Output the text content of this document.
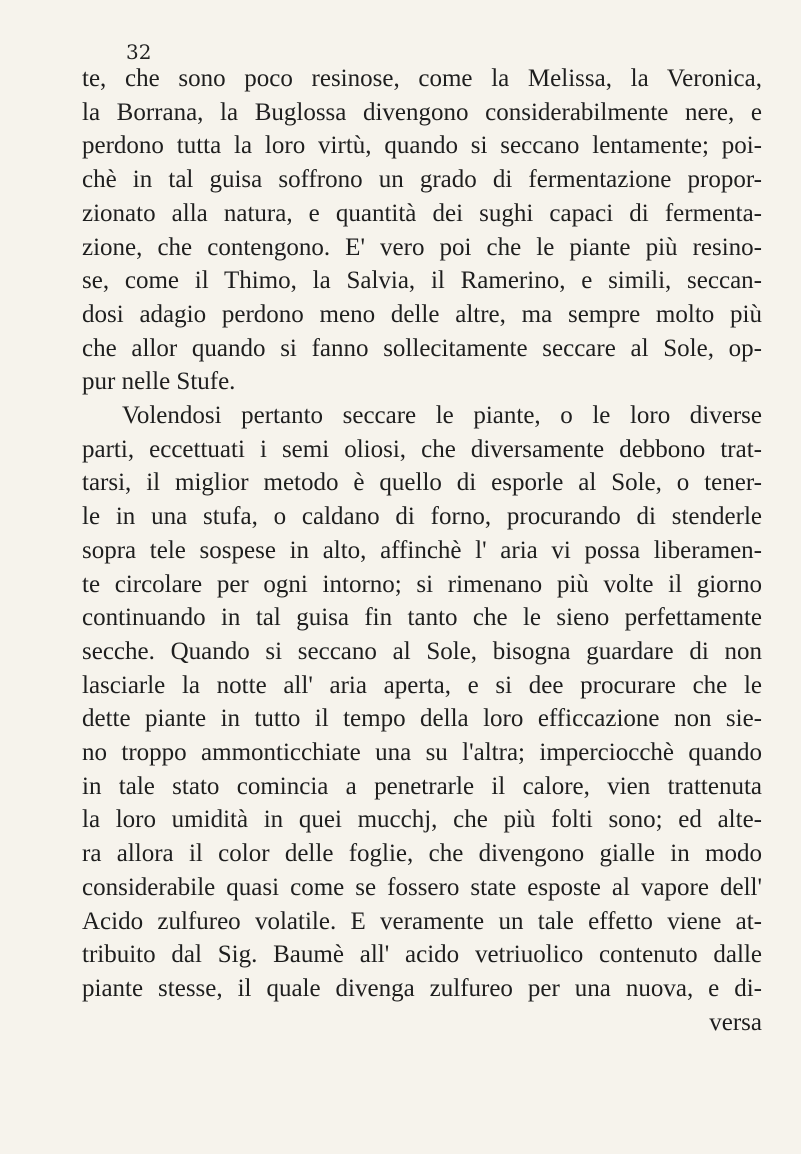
32
te, che sono poco resinose, come la Melissa, la Veronica,
la Borrana, la Buglossa divengono considerabilmente nere, e
perdono tutta la loro virtù, quando si seccano lentamente; poi-
chè in tal guisa soffrono un grado di fermentazione propor-
zionato alla natura, e quantità dei sughi capaci di fermenta-
zione, che contengono. E' vero poi che le piante più resino-
se, come il Thimo, la Salvia, il Ramerino, e simili, seccan-
dosi adagio perdono meno delle altre, ma sempre molto più
che allor quando si fanno sollecitamente seccare al Sole, op-
pur nelle Stufe.
Volendosi pertanto seccare le piante, o le loro diverse
parti, eccettuati i semi oliosi, che diversamente debbono trat-
tarsi, il miglior metodo è quello di esporle al Sole, o tener-
le in una stufa, o caldano di forno, procurando di stenderle
sopra tele sospese in alto, affinchè l' aria vi possa liberamen-
te circolare per ogni intorno; si rimenano più volte il giorno
continuando in tal guisa fin tanto che le sieno perfettamente
secche. Quando si seccano al Sole, bisogna guardare di non
lasciarle la notte all' aria aperta, e si dee procurare che le
dette piante in tutto il tempo della loro efficcazione non sie-
no troppo ammonticchiate una su l'altra; imperciocchè quando
in tale stato comincia a penetrarle il calore, vien trattenuta
la loro umidità in quei mucchj, che più folti sono; ed alte-
ra allora il color delle foglie, che divengono gialle in modo
considerabile quasi come se fossero state esposte al vapore dell'
Acido zulfureo volatile. E veramente un tale effetto viene at-
tribuito dal Sig. Baumè all' acido vetriuolico contenuto dalle
piante stesse, il quale divenga zulfureo per una nuova, e di-
versa
